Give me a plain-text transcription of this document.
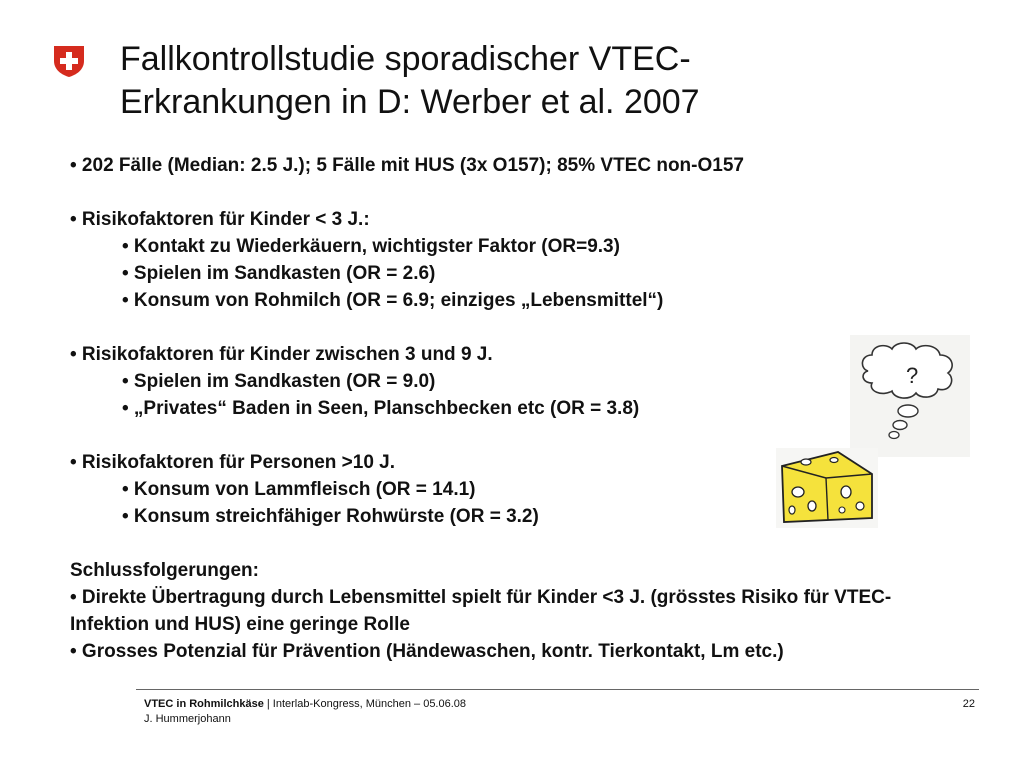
Fallkontrollstudie sporadischer VTEC-
Erkrankungen in D: Werber et al. 2007
• 202 Fälle (Median: 2.5 J.); 5 Fälle mit HUS (3x O157); 85% VTEC non-O157
• Risikofaktoren für Kinder < 3 J.:
• Kontakt zu Wiederkäuern, wichtigster Faktor (OR=9.3)
• Spielen im Sandkasten (OR = 2.6)
• Konsum von Rohmilch (OR = 6.9; einziges „Lebensmittel“)
• Risikofaktoren für Kinder zwischen 3 und 9 J.
• Spielen im Sandkasten (OR = 9.0)
• „Privates“ Baden in Seen, Planschbecken etc (OR = 3.8)
• Risikofaktoren für Personen >10 J.
• Konsum von Lammfleisch (OR = 14.1)
• Konsum streichfähiger Rohwürste (OR = 3.2)
Schlussfolgerungen:
• Direkte Übertragung durch Lebensmittel spielt für Kinder <3 J. (grösstes Risiko für VTEC-Infektion und HUS) eine geringe Rolle
• Grosses Potenzial für Prävention (Händewaschen, kontr. Tierkontakt, Lm etc.)
?
VTEC in Rohmilchkäse | Interlab-Kongress, München – 05.06.08
J. Hummerjohann
22
